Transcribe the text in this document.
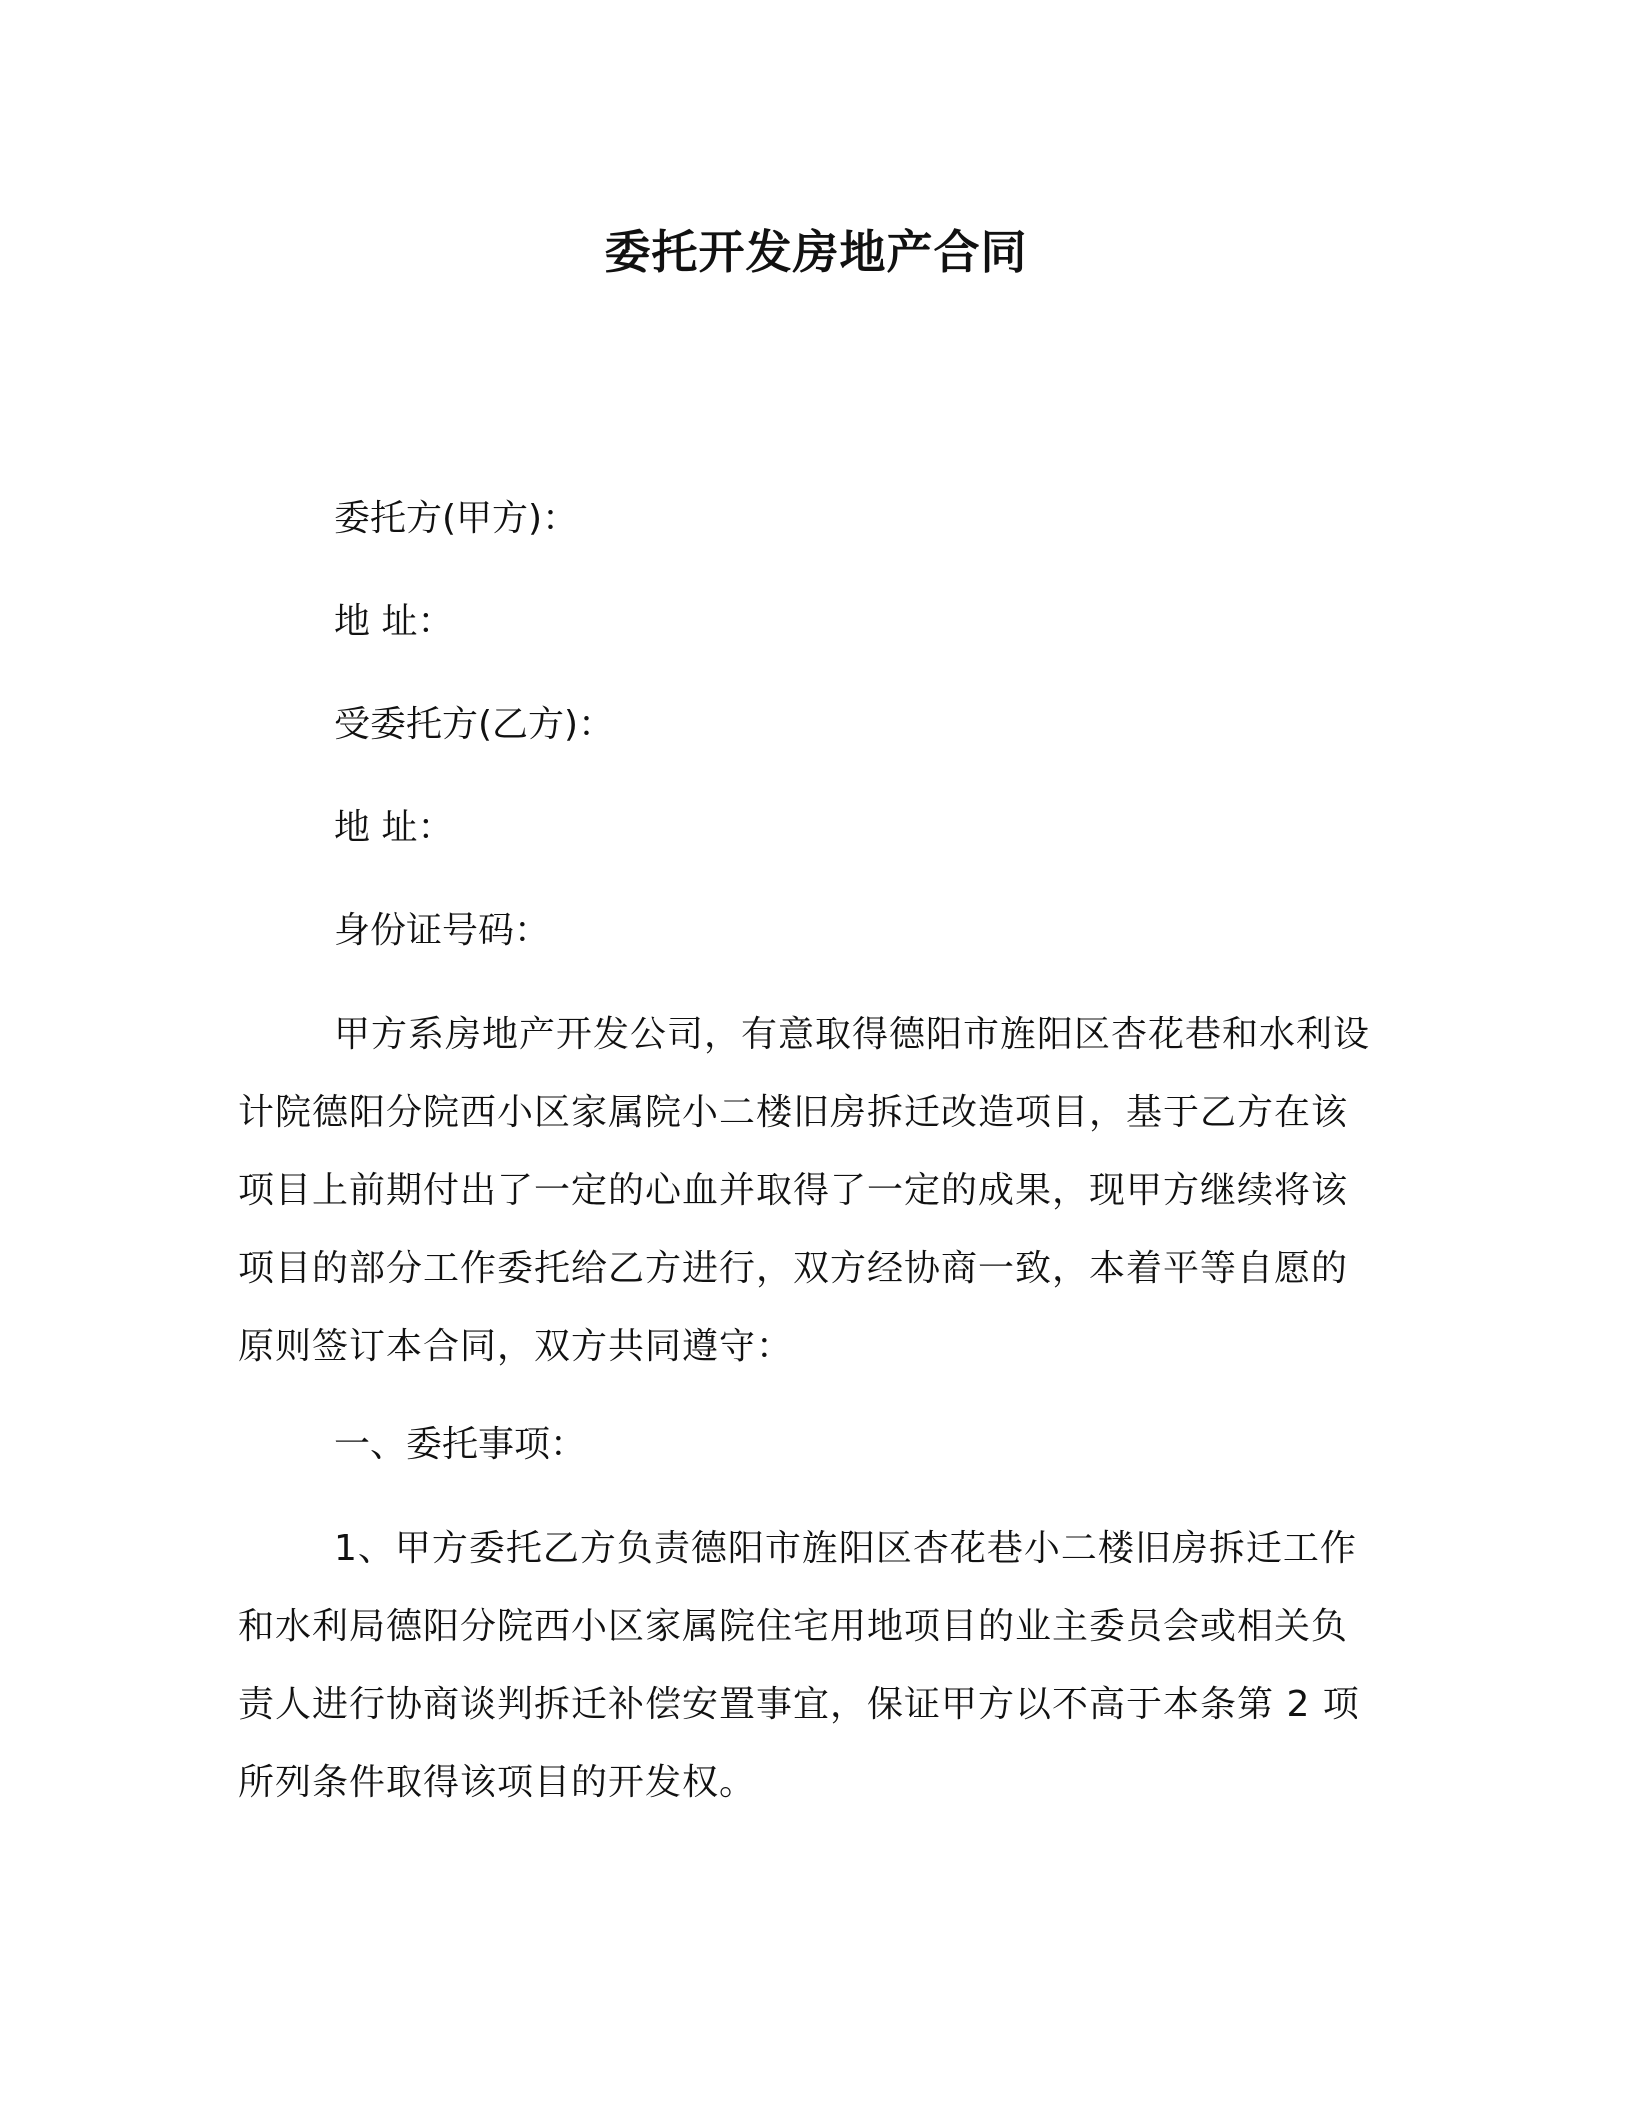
委托开发房地产合同
委托方(甲方)：
地 址：
受委托方(乙方)：
地 址：
身份证号码：
甲方系房地产开发公司，有意取得德阳市旌阳区杏花巷和水利设计院德阳分院西小区家属院小二楼旧房拆迁改造项目，基于乙方在该项目上前期付出了一定的心血并取得了一定的成果，现甲方继续将该项目的部分工作委托给乙方进行，双方经协商一致，本着平等自愿的原则签订本合同，双方共同遵守：
一、委托事项：
1、甲方委托乙方负责德阳市旌阳区杏花巷小二楼旧房拆迁工作和水利局德阳分院西小区家属院住宅用地项目的业主委员会或相关负责人进行协商谈判拆迁补偿安置事宜，保证甲方以不高于本条第 2 项所列条件取得该项目的开发权。
